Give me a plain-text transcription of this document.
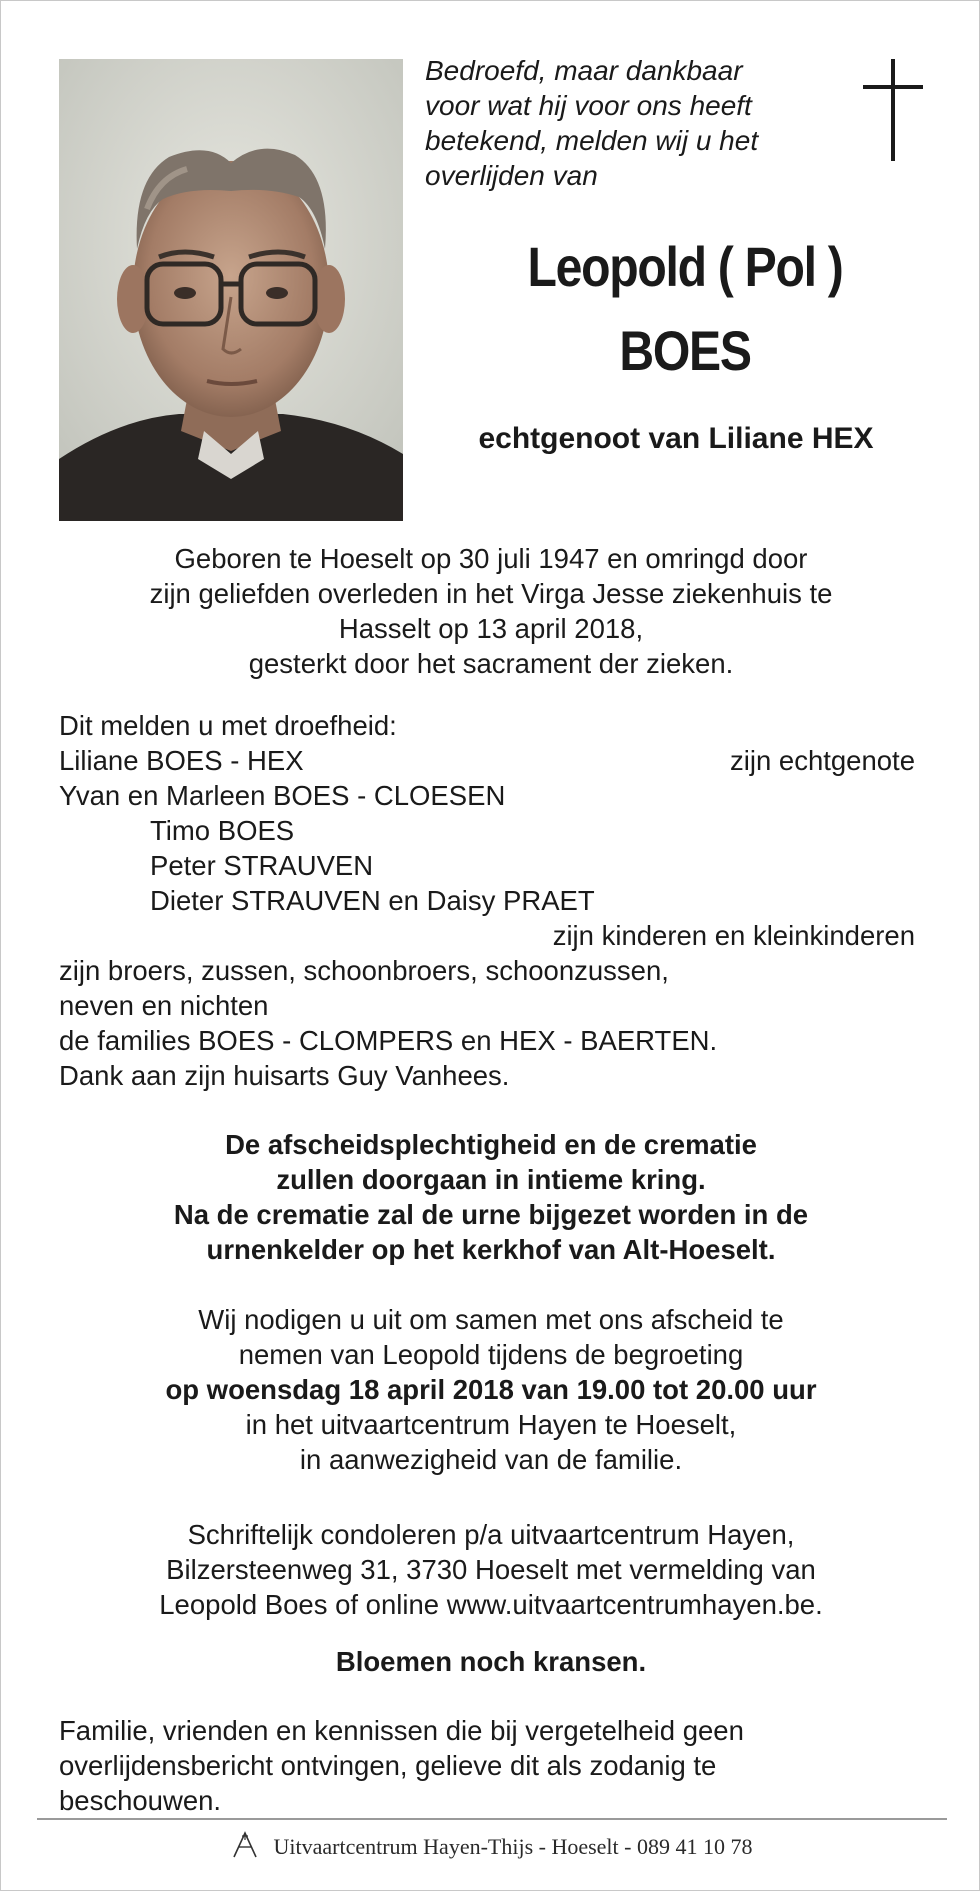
Bedroefd, maar dankbaar
voor wat hij voor ons heeft
betekend, melden wij u het
overlijden van
Leopold ( Pol )
BOES
echtgenoot van Liliane HEX
Geboren te Hoeselt op 30 juli 1947 en omringd door
zijn geliefden overleden in het Virga Jesse ziekenhuis te
Hasselt op 13 april 2018,
gesterkt door het sacrament der zieken.
Dit melden u met droefheid:
Liliane BOES - HEX	zijn echtgenote
Yvan en Marleen BOES - CLOESEN
Timo BOES
Peter STRAUVEN
Dieter STRAUVEN en Daisy PRAET
zijn kinderen en kleinkinderen
zijn broers, zussen, schoonbroers, schoonzussen,
neven en nichten
de families BOES - CLOMPERS en HEX - BAERTEN.
Dank aan zijn huisarts Guy Vanhees.
De afscheidsplechtigheid en de crematie
zullen doorgaan in intieme kring.
Na de crematie zal de urne bijgezet worden in de
urnenkelder op het kerkhof van Alt-Hoeselt.
Wij nodigen u uit om samen met ons afscheid te
nemen van Leopold tijdens de begroeting
op woensdag 18 april 2018 van 19.00 tot 20.00 uur
in het uitvaartcentrum Hayen te Hoeselt,
in aanwezigheid van de familie.
Schriftelijk condoleren p/a uitvaartcentrum Hayen,
Bilzersteenweg 31, 3730 Hoeselt met vermelding van
Leopold Boes of online www.uitvaartcentrumhayen.be.
Bloemen noch kransen.
Familie, vrienden en kennissen die bij vergetelheid geen
overlijdensbericht ontvingen, gelieve dit als zodanig te
beschouwen.
Uitvaartcentrum Hayen-Thijs - Hoeselt - 089 41 10 78
